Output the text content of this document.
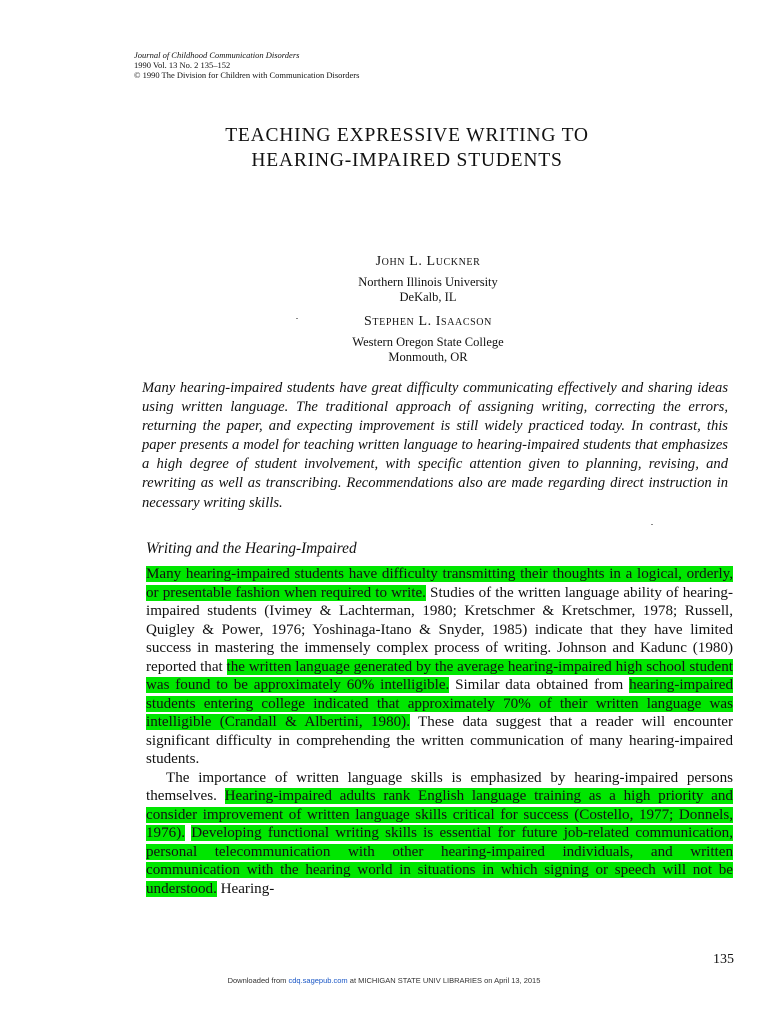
Journal of Childhood Communication Disorders
1990 Vol. 13 No. 2 135–152
© 1990 The Division for Children with Communication Disorders
TEACHING EXPRESSIVE WRITING TO
HEARING-IMPAIRED STUDENTS
John L. Luckner
Northern Illinois University
DeKalb, IL
Stephen L. Isaacson
Western Oregon State College
Monmouth, OR

Many hearing-impaired students have great difficulty communicating effectively and sharing ideas using written language. The traditional approach of assigning writing, correcting the errors, returning the paper, and expecting improvement is still widely practiced today. In contrast, this paper presents a model for teaching written language to hearing-impaired students that emphasizes a high degree of student involvement, with specific attention given to planning, revising, and rewriting as well as transcribing. Recommendations also are made regarding direct instruction in necessary writing skills.

Writing and the Hearing-Impaired

Many hearing-impaired students have difficulty transmitting their thoughts in a logical, orderly, or presentable fashion when required to write. Studies of the written language ability of hearing-impaired students (Ivimey & Lachterman, 1980; Kretschmer & Kretschmer, 1978; Russell, Quigley & Power, 1976; Yoshinaga-Itano & Snyder, 1985) indicate that they have limited success in mastering the immensely complex process of writing. Johnson and Kadunc (1980) reported that the written language generated by the average hearing-impaired high school student was found to be approximately 60% intelligible. Similar data obtained from hearing-impaired students entering college indicated that approximately 70% of their written language was intelligible (Crandall & Albertini, 1980). These data suggest that a reader will encounter significant difficulty in comprehending the written communication of many hearing-impaired students.

The importance of written language skills is emphasized by hearing-impaired persons themselves. Hearing-impaired adults rank English language training as a high priority and consider improvement of written language skills critical for success (Costello, 1977; Donnels, 1976). Developing functional writing skills is essential for future job-related communication, personal telecommunication with other hearing-impaired individuals, and written communication with the hearing world in situations in which signing or speech will not be understood. Hearing-

135
Downloaded from cdq.sagepub.com at MICHIGAN STATE UNIV LIBRARIES on April 13, 2015
